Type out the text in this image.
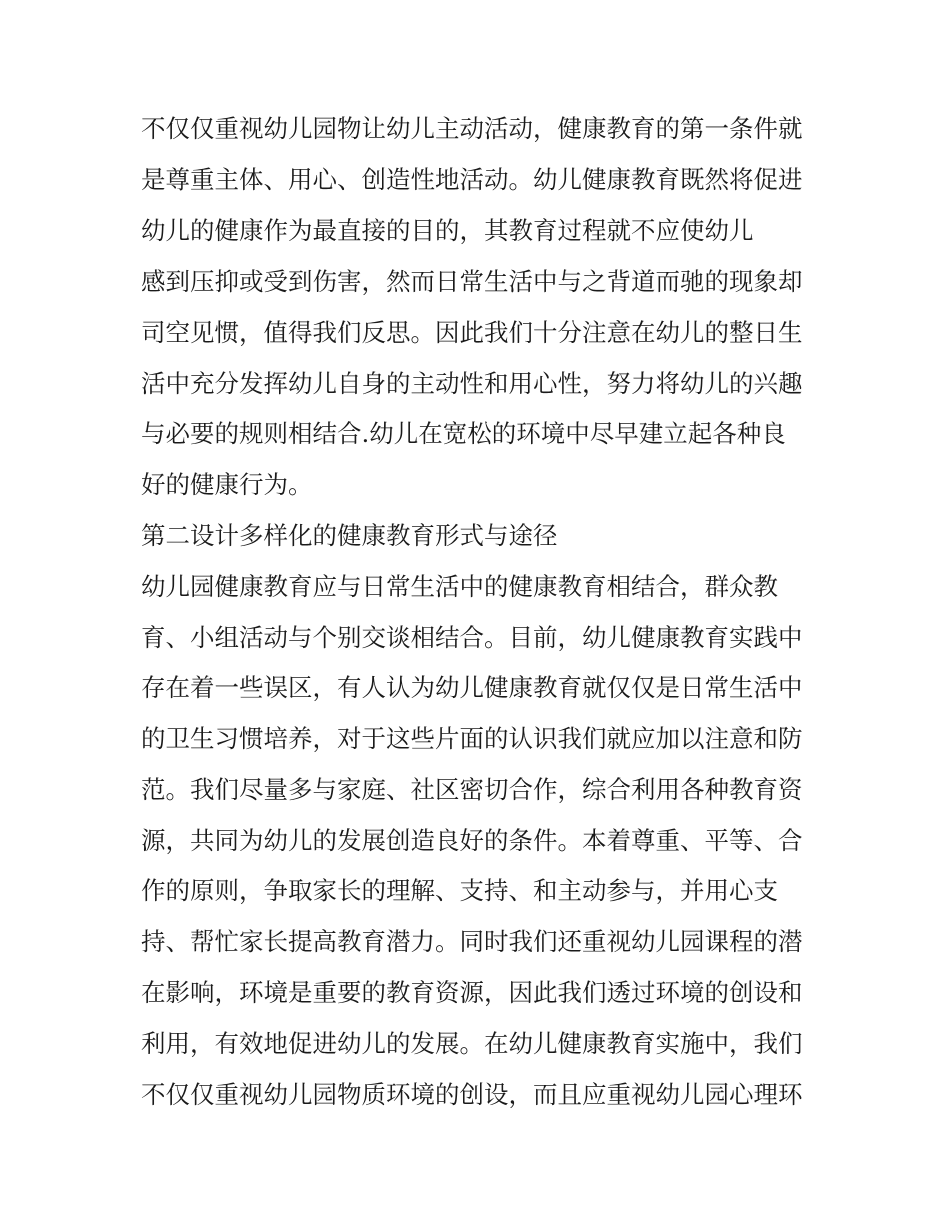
不仅仅重视幼儿园物让幼儿主动活动，健康教育的第一条件就
是尊重主体、用心、创造性地活动。幼儿健康教育既然将促进
幼儿的健康作为最直接的目的，其教育过程就不应使幼儿
感到压抑或受到伤害，然而日常生活中与之背道而驰的现象却
司空见惯，值得我们反思。因此我们十分注意在幼儿的整日生
活中充分发挥幼儿自身的主动性和用心性，努力将幼儿的兴趣
与必要的规则相结合.幼儿在宽松的环境中尽早建立起各种良
好的健康行为。
第二设计多样化的健康教育形式与途径
幼儿园健康教育应与日常生活中的健康教育相结合，群众教
育、小组活动与个别交谈相结合。目前，幼儿健康教育实践中
存在着一些误区，有人认为幼儿健康教育就仅仅是日常生活中
的卫生习惯培养，对于这些片面的认识我们就应加以注意和防
范。我们尽量多与家庭、社区密切合作，综合利用各种教育资
源，共同为幼儿的发展创造良好的条件。本着尊重、平等、合
作的原则，争取家长的理解、支持、和主动参与，并用心支
持、帮忙家长提高教育潜力。同时我们还重视幼儿园课程的潜
在影响，环境是重要的教育资源，因此我们透过环境的创设和
利用，有效地促进幼儿的发展。在幼儿健康教育实施中，我们
不仅仅重视幼儿园物质环境的创设，而且应重视幼儿园心理环
